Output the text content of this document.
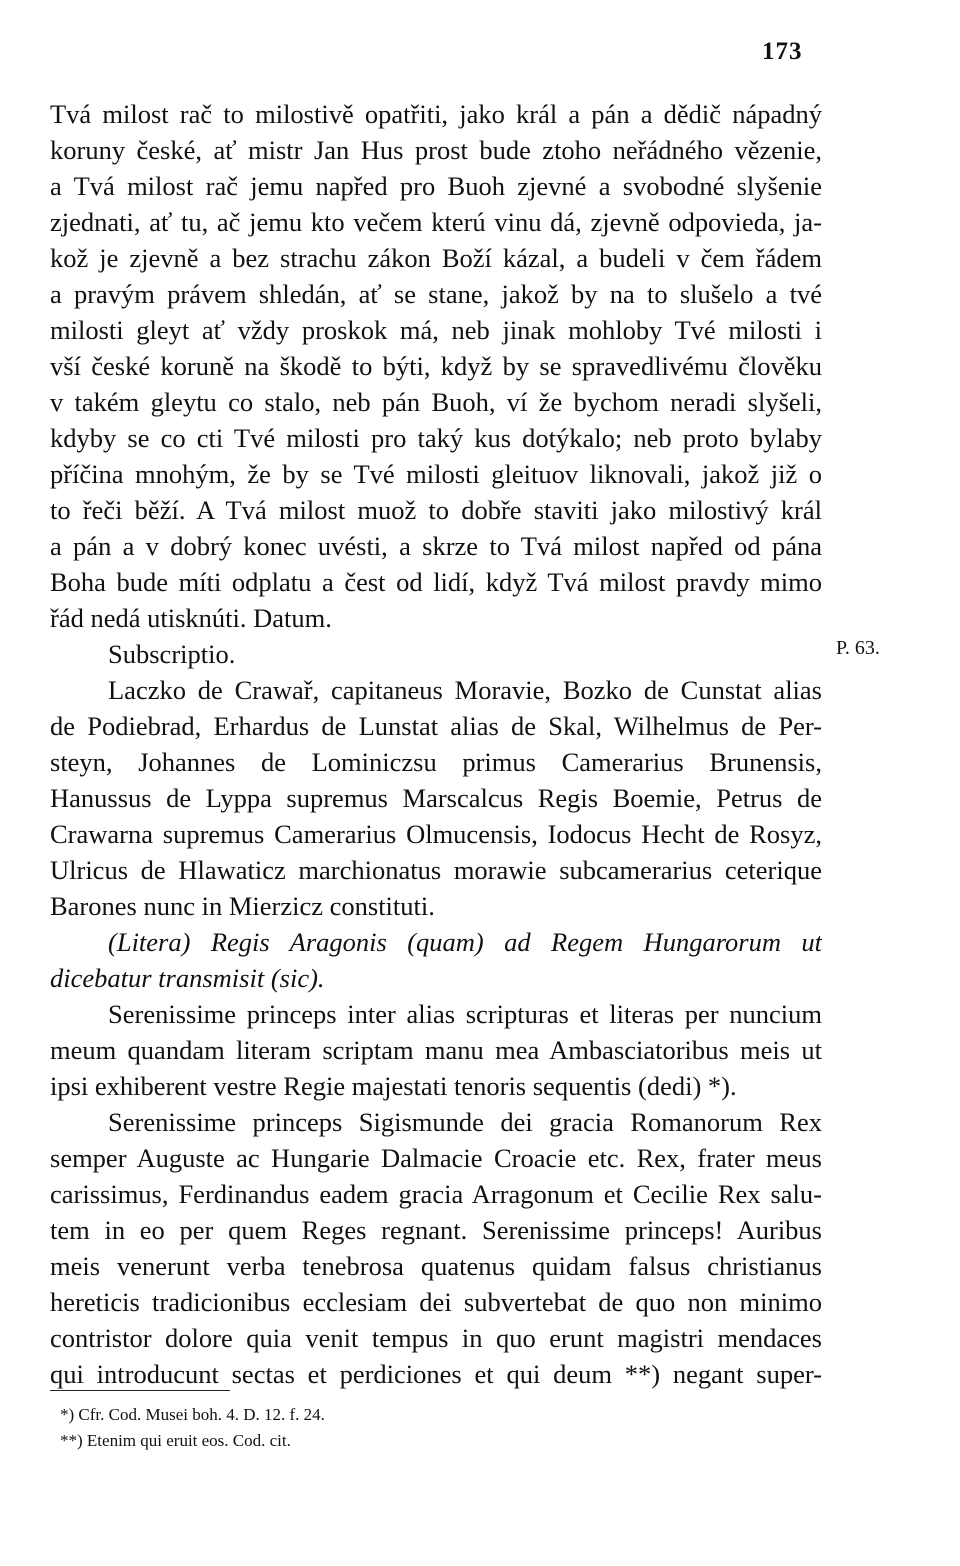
173
P. 63.
Tvá milost rač to milostivě opatřiti, jako král a pán a dědič nápadný
koruny české, ať mistr Jan Hus prost bude ztoho neřádného vězenie,
a Tvá milost rač jemu napřed pro Buoh zjevné a svobodné slyšenie
zjednati, ať tu, ač jemu kto večem kterú vinu dá, zjevně odpovieda, ja-
kož je zjevně a bez strachu zákon Boží kázal, a budeli v čem řádem
a pravým právem shledán, ať se stane, jakož by na to slušelo a tvé
milosti gleyt ať vždy proskok má, neb jinak mohloby Tvé milosti i
vší české koruně na škodě to býti, když by se spravedlivému člověku
v takém gleytu co stalo, neb pán Buoh, ví že bychom neradi slyšeli,
kdyby se co cti Tvé milosti pro taký kus dotýkalo; neb proto bylaby
příčina mnohým, že by se Tvé milosti gleituov liknovali, jakož již o
to řeči běží. A Tvá milost muož to dobře staviti jako milostivý král
a pán a v dobrý konec uvésti, a skrze to Tvá milost napřed od pána
Boha bude míti odplatu a čest od lidí, když Tvá milost pravdy mimo
řád nedá utisknúti. Datum.
Subscriptio.
Laczko de Crawař, capitaneus Moravie, Bozko de Cunstat alias
de Podiebrad, Erhardus de Lunstat alias de Skal, Wilhelmus de Per-
steyn, Johannes de Lominiczsu primus Camerarius Brunensis,
Hanussus de Lyppa supremus Marscalcus Regis Boemie, Petrus de
Crawarna supremus Camerarius Olmucensis, Iodocus Hecht de Rosyz,
Ulricus de Hlawaticz marchionatus morawie subcamerarius ceterique
Barones nunc in Mierzicz constituti.
(Litera) Regis Aragonis (quam) ad Regem Hungarorum ut
dicebatur transmisit (sic).
Serenissime princeps inter alias scripturas et literas per nuncium
meum quandam literam scriptam manu mea Ambasciatoribus meis ut
ipsi exhiberent vestre Regie majestati tenoris sequentis (dedi) *).
Serenissime princeps Sigismunde dei gracia Romanorum Rex
semper Auguste ac Hungarie Dalmacie Croacie etc. Rex, frater meus
carissimus, Ferdinandus eadem gracia Arragonum et Cecilie Rex salu-
tem in eo per quem Reges regnant. Serenissime princeps! Auribus
meis venerunt verba tenebrosa quatenus quidam falsus christianus
hereticis tradicionibus ecclesiam dei subvertebat de quo non minimo
contristor dolore quia venit tempus in quo erunt magistri mendaces
qui introducunt sectas et perdiciones et qui deum **) negant super-
*) Cfr. Cod. Musei boh. 4. D. 12. f. 24.
**) Etenim qui eruit eos. Cod. cit.
